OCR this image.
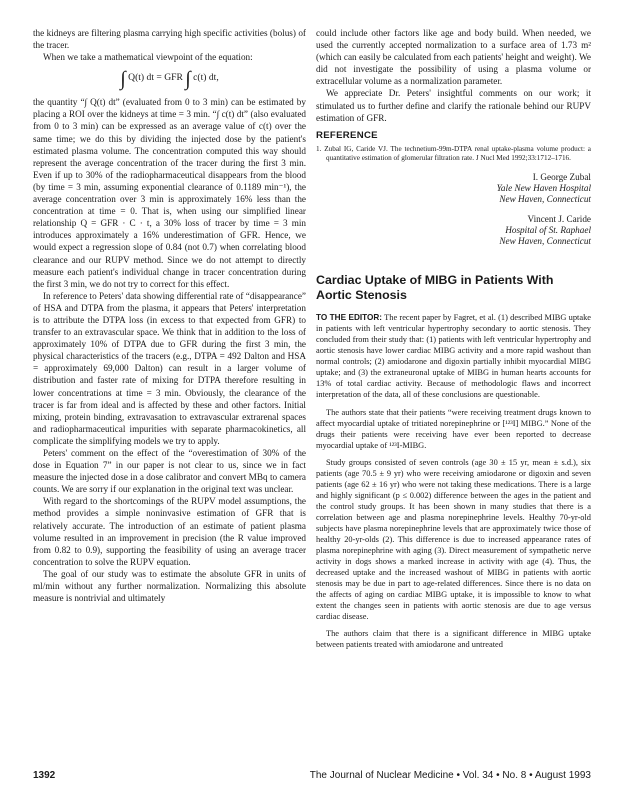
the kidneys are filtering plasma carrying high specific activities (bolus) of the tracer.

When we take a mathematical viewpoint of the equation:

∫ Q(t) dt = GFR ∫ c(t) dt,

the quantity “∫ Q(t) dt” (evaluated from 0 to 3 min) can be estimated by placing a ROI over the kidneys at time = 3 min. “∫ c(t) dt” (also evaluated from 0 to 3 min) can be expressed as an average value of c(t) over the same time; we do this by dividing the injected dose by the patient's estimated plasma volume. The concentration computed this way should represent the average concentration of the tracer during the first 3 min. Even if up to 30% of the radiopharmaceutical disappears from the blood (by time = 3 min, assuming exponential clearance of 0.1189 min⁻¹), the average concentration over 3 min is approximately 16% less than the concentration at time = 0. That is, when using our simplified linear relationship Q = GFR · C · t, a 30% loss of tracer by time = 3 min introduces approximately a 16% underestimation of GFR. Hence, we would expect a regression slope of 0.84 (not 0.7) when correlating blood clearance and our RUPV method. Since we do not attempt to directly measure each patient's individual change in tracer concentration during the first 3 min, we do not try to correct for this effect.

In reference to Peters' data showing differential rate of “disappearance” of HSA and DTPA from the plasma, it appears that Peters' interpretation is to attribute the DTPA loss (in excess to that expected from GFR) to transfer to an extravascular space. We think that in addition to the loss of approximately 10% of DTPA due to GFR during the first 3 min, the physical characteristics of the tracers (e.g., DTPA = 492 Dalton and HSA = approximately 69,000 Dalton) can result in a larger volume of distribution and faster rate of mixing for DTPA therefore resulting in lower concentrations at time = 3 min. Obviously, the clearance of the tracer is far from ideal and is affected by these and other factors. Initial mixing, protein binding, extravasation to extravascular extrarenal spaces and radiopharmaceutical impurities with separate pharmacokinetics, all complicate the simplifying models we try to apply.

Peters' comment on the effect of the “overestimation of 30% of the dose in Equation 7” in our paper is not clear to us, since we in fact measure the injected dose in a dose calibrator and convert MBq to camera counts. We are sorry if our explanation in the original text was unclear.

With regard to the shortcomings of the RUPV model assumptions, the method provides a simple noninvasive estimation of GFR that is relatively accurate. The introduction of an estimate of patient plasma volume resulted in an improvement in precision (the R value improved from 0.82 to 0.9), supporting the feasibility of using an average tracer concentration to solve the RUPV equation.

The goal of our study was to estimate the absolute GFR in units of ml/min without any further normalization. Normalizing this absolute measure is nontrivial and ultimately

could include other factors like age and body build. When needed, we used the currently accepted normalization to a surface area of 1.73 m² (which can easily be calculated from each patients' height and weight). We did not investigate the possibility of using a plasma volume or extracellular volume as a normalization parameter.

We appreciate Dr. Peters' insightful comments on our work; it stimulated us to further define and clarify the rationale behind our RUPV estimation of GFR.

REFERENCE

1. Zubal IG, Caride VJ. The technetium-99m-DTPA renal uptake-plasma volume product: a quantitative estimation of glomerular filtration rate. J Nucl Med 1992;33:1712–1716.

I. George Zubal
Yale New Haven Hospital
New Haven, Connecticut
Vincent J. Caride
Hospital of St. Raphael
New Haven, Connecticut
Cardiac Uptake of MIBG in Patients With Aortic Stenosis

TO THE EDITOR: The recent paper by Fagret, et al. (1) described MIBG uptake in patients with left ventricular hypertrophy secondary to aortic stenosis. They concluded from their study that: (1) patients with left ventricular hypertrophy and aortic stenosis have lower cardiac MIBG activity and a more rapid washout than normal controls; (2) amiodarone and digoxin partially inhibit myocardial MIBG uptake; and (3) the extraneuronal uptake of MIBG in human hearts accounts for 13% of total cardiac activity. Because of methodologic flaws and incorrect interpretation of the data, all of these conclusions are questionable.

The authors state that their patients “were receiving treatment drugs known to affect myocardial uptake of tritiated norepinephrine or [¹²³I] MIBG.” None of the drugs their patients were receiving have ever been reported to decrease myocardial uptake of ¹²³I-MIBG.

Study groups consisted of seven controls (age 30 ± 15 yr, mean ± s.d.), six patients (age 70.5 ± 9 yr) who were receiving amiodarone or digoxin and seven patients (age 62 ± 16 yr) who were not taking these medications. There is a large and highly significant (p ≤ 0.002) difference between the ages in the patient and the control study groups. It has been shown in many studies that there is a correlation between age and plasma norepinephrine levels. Healthy 70-yr-old subjects have plasma norepinephrine levels that are approximately twice those of healthy 20-yr-olds (2). This difference is due to increased appearance rates of plasma norepinephrine with aging (3). Direct measurement of sympathetic nerve activity in dogs shows a marked increase in activity with age (4). Thus, the decreased uptake and the increased washout of MIBG in patients with aortic stenosis may be due in part to age-related differences. Since there is no data on the affects of aging on cardiac MIBG uptake, it is impossible to know to what extent the changes seen in patients with aortic stenosis are due to age versus cardiac disease.

The authors claim that there is a significant difference in MIBG uptake between patients treated with amiodarone and untreated

1392	The Journal of Nuclear Medicine • Vol. 34 • No. 8 • August 1993
